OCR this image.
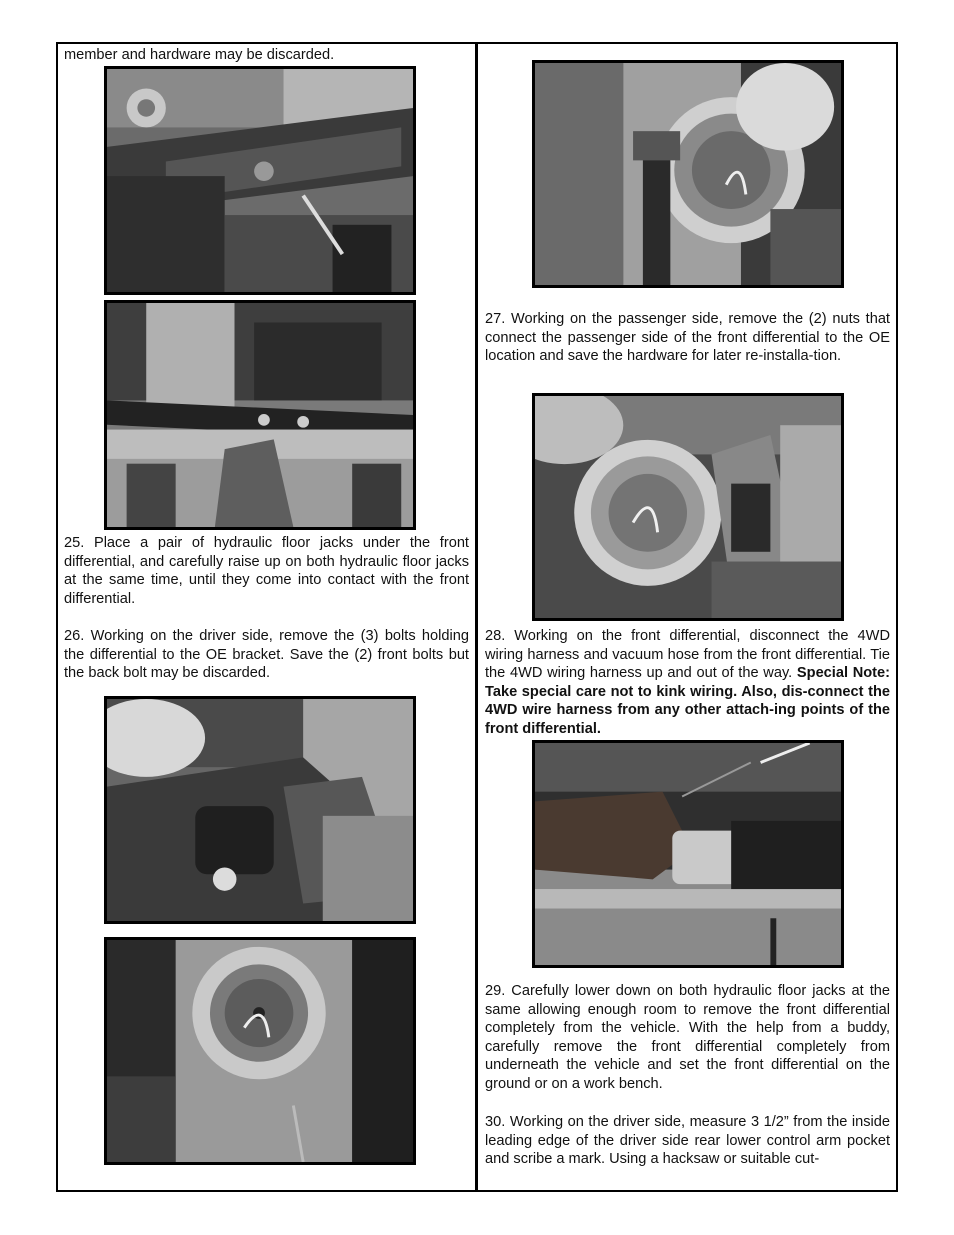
member and hardware may be discarded.

25. Place a pair of hydraulic floor jacks under the front differential, and carefully raise up on both hydraulic floor jacks at the same time, until they come into contact with the front differential.

26. Working on the driver side, remove the (3) bolts holding the differential to the OE bracket. Save the (2) front bolts but the back bolt may be discarded.

27. Working on the passenger side, remove the (2) nuts that connect the passenger side of the front differential to the OE location and save the hardware for later re-installa-tion.

28. Working on the front differential, disconnect the 4WD wiring harness and vacuum hose from the front differential. Tie the 4WD wiring harness up and out of the way. Special Note: Take special care not to kink wiring. Also, dis-connect the 4WD wire harness from any other attach-ing points of the front differential.

29. Carefully lower down on both hydraulic floor jacks at the same allowing enough room to remove the front differential completely from the vehicle. With the help from a buddy, carefully remove the front differential completely from underneath the vehicle and set the front differential on the ground or on a work bench.

30. Working on the driver side, measure 3 1/2” from the inside leading edge of the driver side rear lower control arm pocket and scribe a mark. Using a hacksaw or suitable cut-
